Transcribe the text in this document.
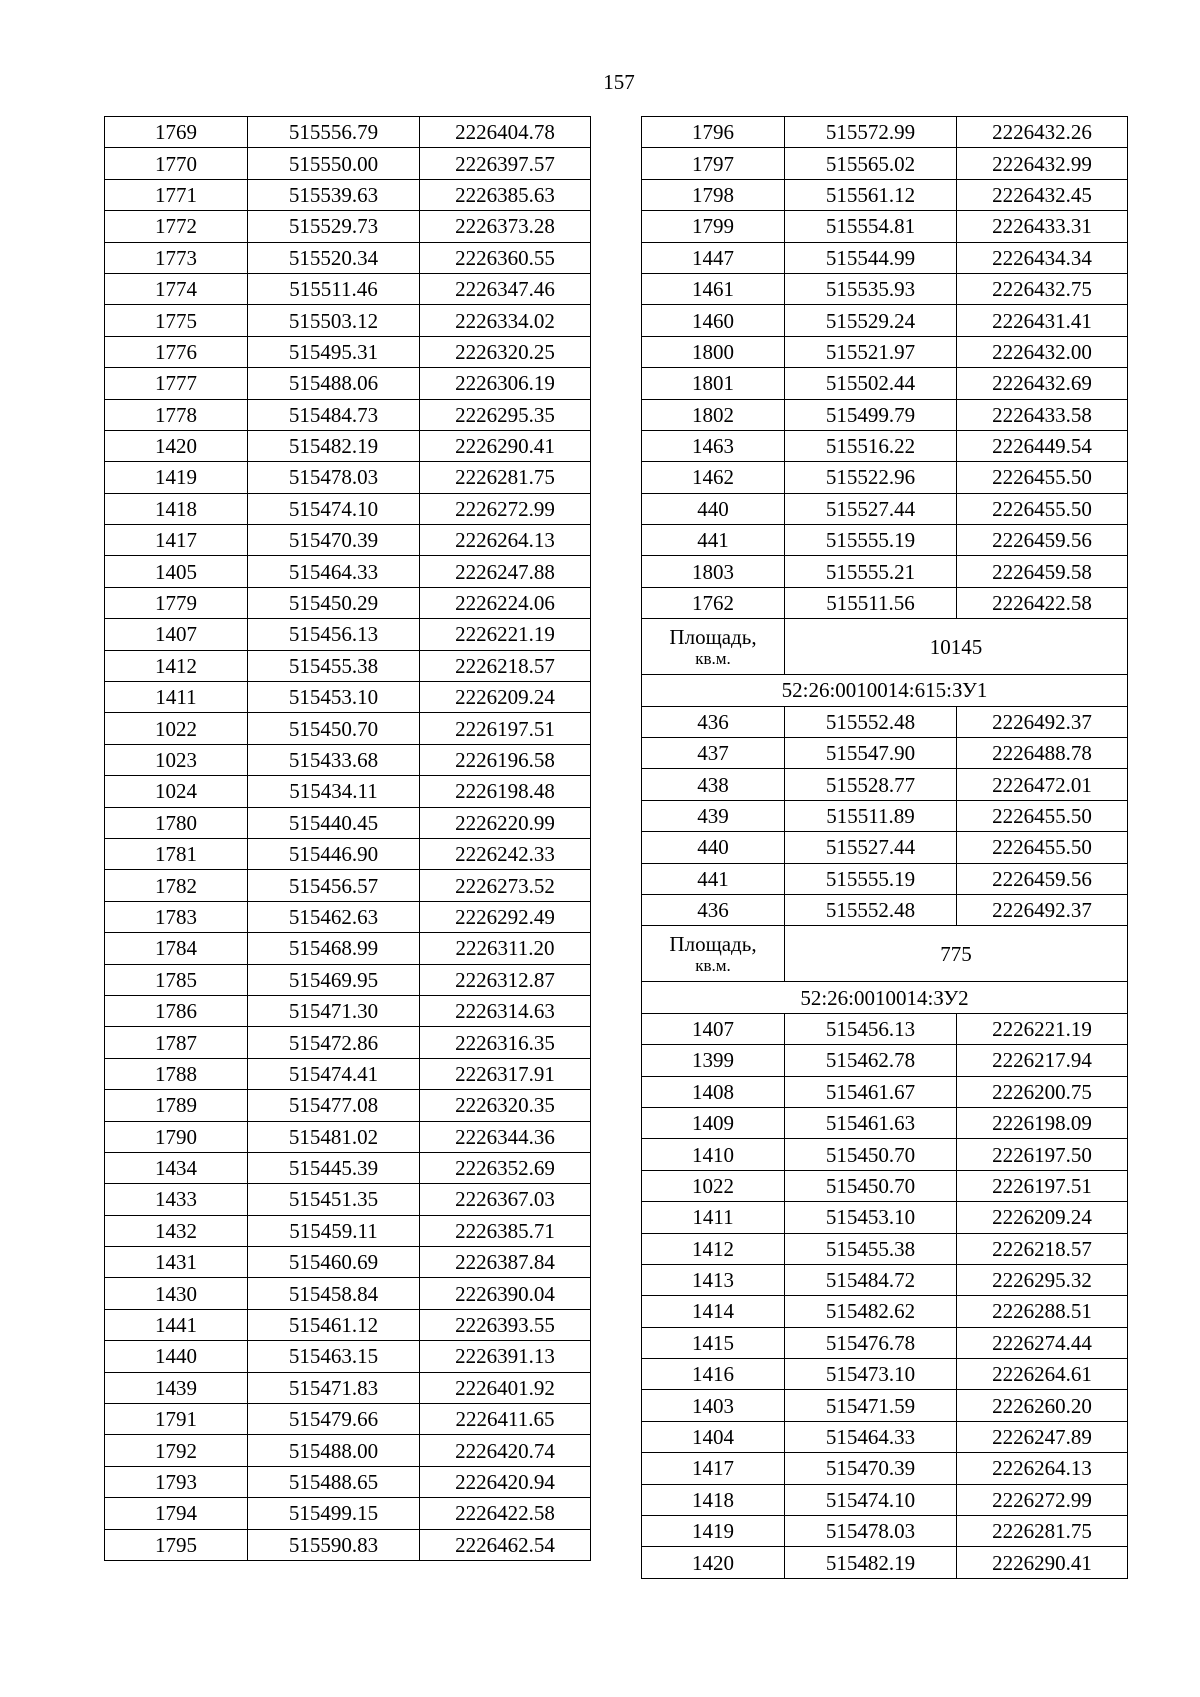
157
1769	515556.79	2226404.78
1770	515550.00	2226397.57
1771	515539.63	2226385.63
1772	515529.73	2226373.28
1773	515520.34	2226360.55
1774	515511.46	2226347.46
1775	515503.12	2226334.02
1776	515495.31	2226320.25
1777	515488.06	2226306.19
1778	515484.73	2226295.35
1420	515482.19	2226290.41
1419	515478.03	2226281.75
1418	515474.10	2226272.99
1417	515470.39	2226264.13
1405	515464.33	2226247.88
1779	515450.29	2226224.06
1407	515456.13	2226221.19
1412	515455.38	2226218.57
1411	515453.10	2226209.24
1022	515450.70	2226197.51
1023	515433.68	2226196.58
1024	515434.11	2226198.48
1780	515440.45	2226220.99
1781	515446.90	2226242.33
1782	515456.57	2226273.52
1783	515462.63	2226292.49
1784	515468.99	2226311.20
1785	515469.95	2226312.87
1786	515471.30	2226314.63
1787	515472.86	2226316.35
1788	515474.41	2226317.91
1789	515477.08	2226320.35
1790	515481.02	2226344.36
1434	515445.39	2226352.69
1433	515451.35	2226367.03
1432	515459.11	2226385.71
1431	515460.69	2226387.84
1430	515458.84	2226390.04
1441	515461.12	2226393.55
1440	515463.15	2226391.13
1439	515471.83	2226401.92
1791	515479.66	2226411.65
1792	515488.00	2226420.74
1793	515488.65	2226420.94
1794	515499.15	2226422.58
1795	515590.83	2226462.54
1796	515572.99	2226432.26
1797	515565.02	2226432.99
1798	515561.12	2226432.45
1799	515554.81	2226433.31
1447	515544.99	2226434.34
1461	515535.93	2226432.75
1460	515529.24	2226431.41
1800	515521.97	2226432.00
1801	515502.44	2226432.69
1802	515499.79	2226433.58
1463	515516.22	2226449.54
1462	515522.96	2226455.50
440	515527.44	2226455.50
441	515555.19	2226459.56
1803	515555.21	2226459.58
1762	515511.56	2226422.58

Площадь,
кв.м.	10145	
52:26:0010014:615:ЗУ1		
436	515552.48	2226492.37
437	515547.90	2226488.78
438	515528.77	2226472.01
439	515511.89	2226455.50
440	515527.44	2226455.50
441	515555.19	2226459.56
436	515552.48	2226492.37

Площадь,
кв.м.	775	
52:26:0010014:ЗУ2		
1407	515456.13	2226221.19
1399	515462.78	2226217.94
1408	515461.67	2226200.75
1409	515461.63	2226198.09
1410	515450.70	2226197.50
1022	515450.70	2226197.51
1411	515453.10	2226209.24
1412	515455.38	2226218.57
1413	515484.72	2226295.32
1414	515482.62	2226288.51
1415	515476.78	2226274.44
1416	515473.10	2226264.61
1403	515471.59	2226260.20
1404	515464.33	2226247.89
1417	515470.39	2226264.13
1418	515474.10	2226272.99
1419	515478.03	2226281.75
1420	515482.19	2226290.41
